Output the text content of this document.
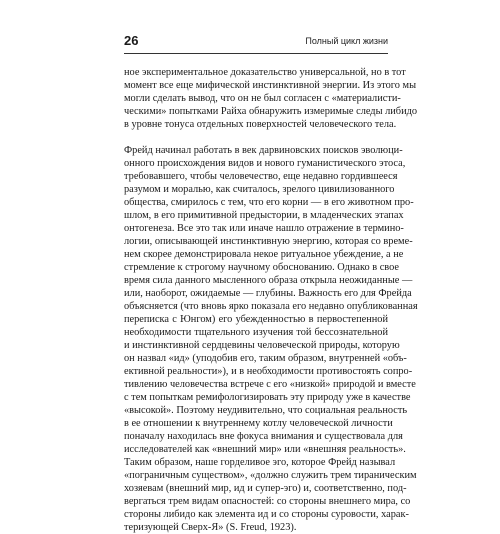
26	Полный цикл жизни
ное экспериментальное доказательство универсальной, но в тот
момент все еще мифической инстинктивной энергии. Из этого мы
могли сделать вывод, что он не был согласен с «материалисти-
ческими» попытками Райха обнаружить измеримые следы либидо
в уровне тонуса отдельных поверхностей человеческого тела.
Фрейд начинал работать в век дарвиновских поисков эволюци-
онного происхождения видов и нового гуманистического этоса,
требовавшего, чтобы человечество, еще недавно гордившееся
разумом и моралью, как считалось, зрелого цивилизованного
общества, смирилось с тем, что его корни — в его животном про-
шлом, в его примитивной предыстории, в младенческих этапах
онтогенеза. Все это так или иначе нашло отражение в термино-
логии, описывающей инстинктивную энергию, которая со време-
нем скорее демонстрировала некое ритуальное убеждение, а не
стремление к строгому научному обоснованию. Однако в свое
время сила данного мысленного образа открыла неожиданные —
или, наоборот, ожидаемые — глубины. Важность его для Фрейда
объясняется (что вновь ярко показала его недавно опубликованная
переписка с Юнгом) его убежденностью в первостепенной
необходимости тщательного изучения той бессознательной
и инстинктивной сердцевины человеческой природы, которую
он назвал «ид» (уподобив его, таким образом, внутренней «объ-
ективной реальности»), и в необходимости противостоять сопро-
тивлению человечества встрече с его «низкой» природой и вместе
с тем попыткам ремифологизировать эту природу уже в качестве
«высокой». Поэтому неудивительно, что социальная реальность
в ее отношении к внутреннему котлу человеческой личности
поначалу находилась вне фокуса внимания и существовала для
исследователей как «внешний мир» или «внешняя реальность».
Таким образом, наше горделивое эго, которое Фрейд называл
«пограничным существом», «должно служить трем тираническим
хозяевам (внешний мир, ид и супер-эго) и, соответственно, под-
вергаться трем видам опасностей: со стороны внешнего мира, со
стороны либидо как элемента ид и со стороны суровости, харак-
теризующей Сверх-Я» (S. Freud, 1923).
